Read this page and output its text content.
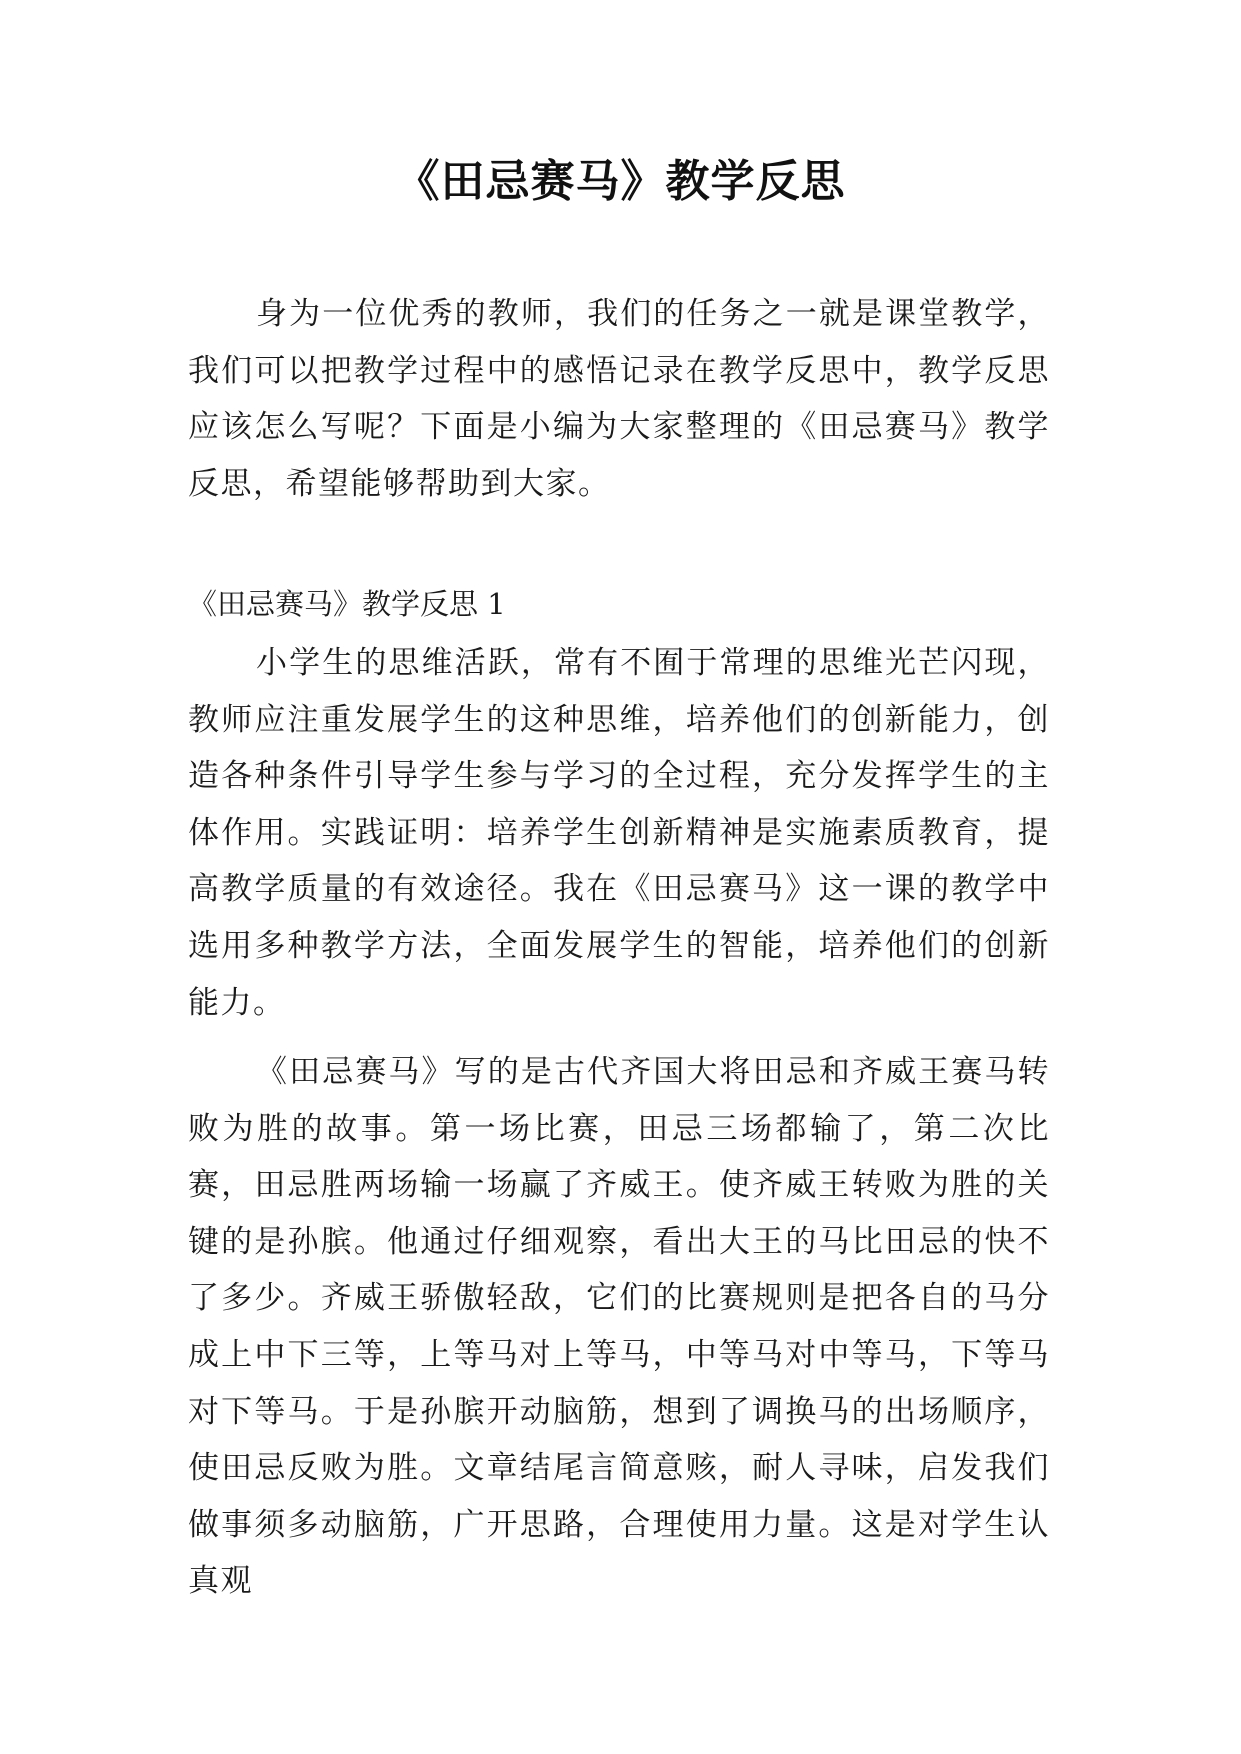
《田忌赛马》教学反思

身为一位优秀的教师，我们的任务之一就是课堂教学，我们可以把教学过程中的感悟记录在教学反思中，教学反思应该怎么写呢？下面是小编为大家整理的《田忌赛马》教学反思，希望能够帮助到大家。

《田忌赛马》教学反思 1

小学生的思维活跃，常有不囿于常理的思维光芒闪现，教师应注重发展学生的这种思维，培养他们的创新能力，创造各种条件引导学生参与学习的全过程，充分发挥学生的主体作用。实践证明：培养学生创新精神是实施素质教育，提高教学质量的有效途径。我在《田忌赛马》这一课的教学中选用多种教学方法，全面发展学生的智能，培养他们的创新能力。

《田忌赛马》写的是古代齐国大将田忌和齐威王赛马转败为胜的故事。第一场比赛，田忌三场都输了，第二次比赛，田忌胜两场输一场赢了齐威王。使齐威王转败为胜的关键的是孙膑。他通过仔细观察，看出大王的马比田忌的快不了多少。齐威王骄傲轻敌，它们的比赛规则是把各自的马分成上中下三等，上等马对上等马，中等马对中等马，下等马对下等马。于是孙膑开动脑筋，想到了调换马的出场顺序，使田忌反败为胜。文章结尾言简意赅，耐人寻味，启发我们做事须多动脑筋，广开思路，合理使用力量。这是对学生认真观
